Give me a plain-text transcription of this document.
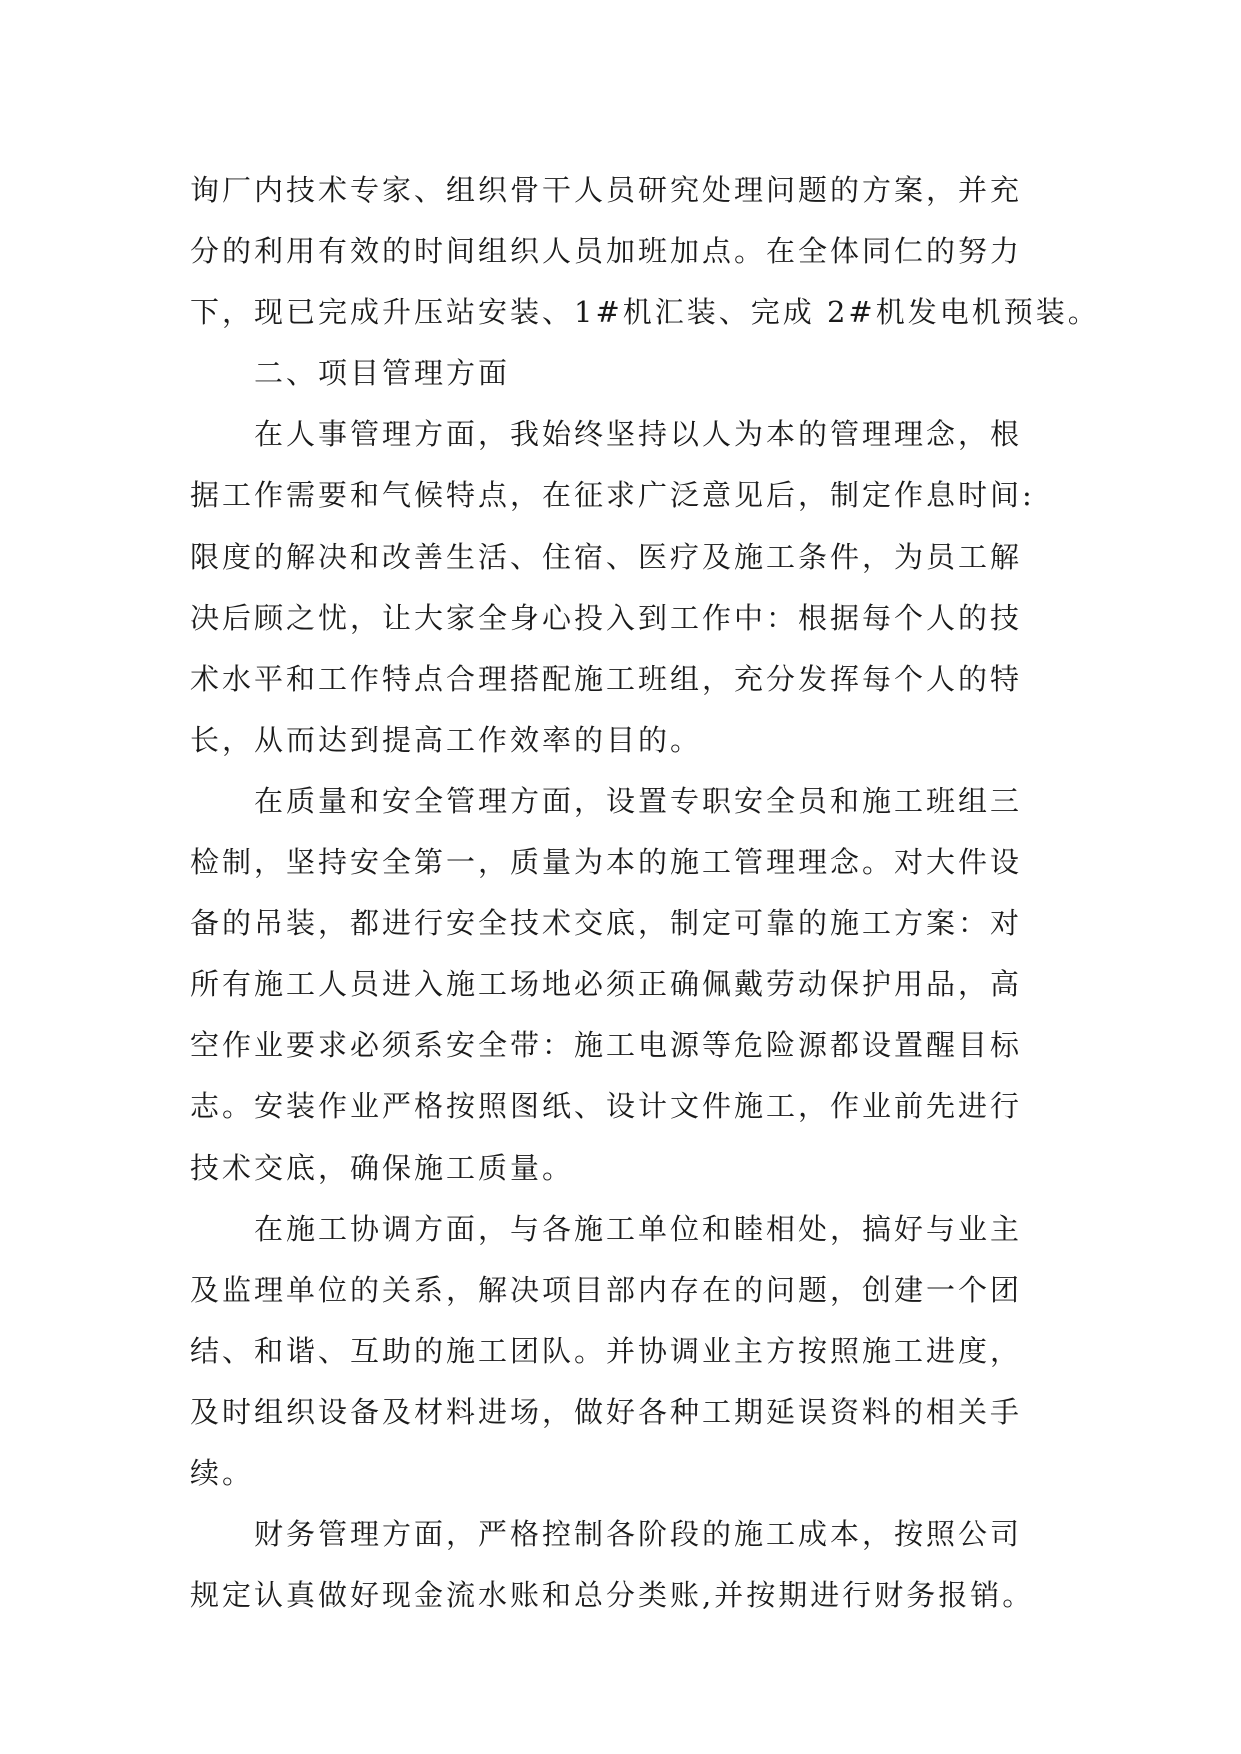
询厂内技术专家、组织骨干人员研究处理问题的方案，并充
分的利用有效的时间组织人员加班加点。在全体同仁的努力
下，现已完成升压站安装、1#机汇装、完成 2#机发电机预装。
二、项目管理方面
在人事管理方面，我始终坚持以人为本的管理理念，根
据工作需要和气候特点，在征求广泛意见后，制定作息时间:
限度的解决和改善生活、住宿、医疗及施工条件，为员工解
决后顾之忧，让大家全身心投入到工作中：根据每个人的技
术水平和工作特点合理搭配施工班组，充分发挥每个人的特
长，从而达到提高工作效率的目的。
在质量和安全管理方面，设置专职安全员和施工班组三
检制，坚持安全第一，质量为本的施工管理理念。对大件设
备的吊装，都进行安全技术交底，制定可靠的施工方案：对
所有施工人员进入施工场地必须正确佩戴劳动保护用品，高
空作业要求必须系安全带：施工电源等危险源都设置醒目标
志。安装作业严格按照图纸、设计文件施工，作业前先进行
技术交底，确保施工质量。
在施工协调方面，与各施工单位和睦相处，搞好与业主
及监理单位的关系，解决项目部内存在的问题，创建一个团
结、和谐、互助的施工团队。并协调业主方按照施工进度，
及时组织设备及材料进场，做好各种工期延误资料的相关手
续。
财务管理方面，严格控制各阶段的施工成本，按照公司
规定认真做好现金流水账和总分类账,并按期进行财务报销。
